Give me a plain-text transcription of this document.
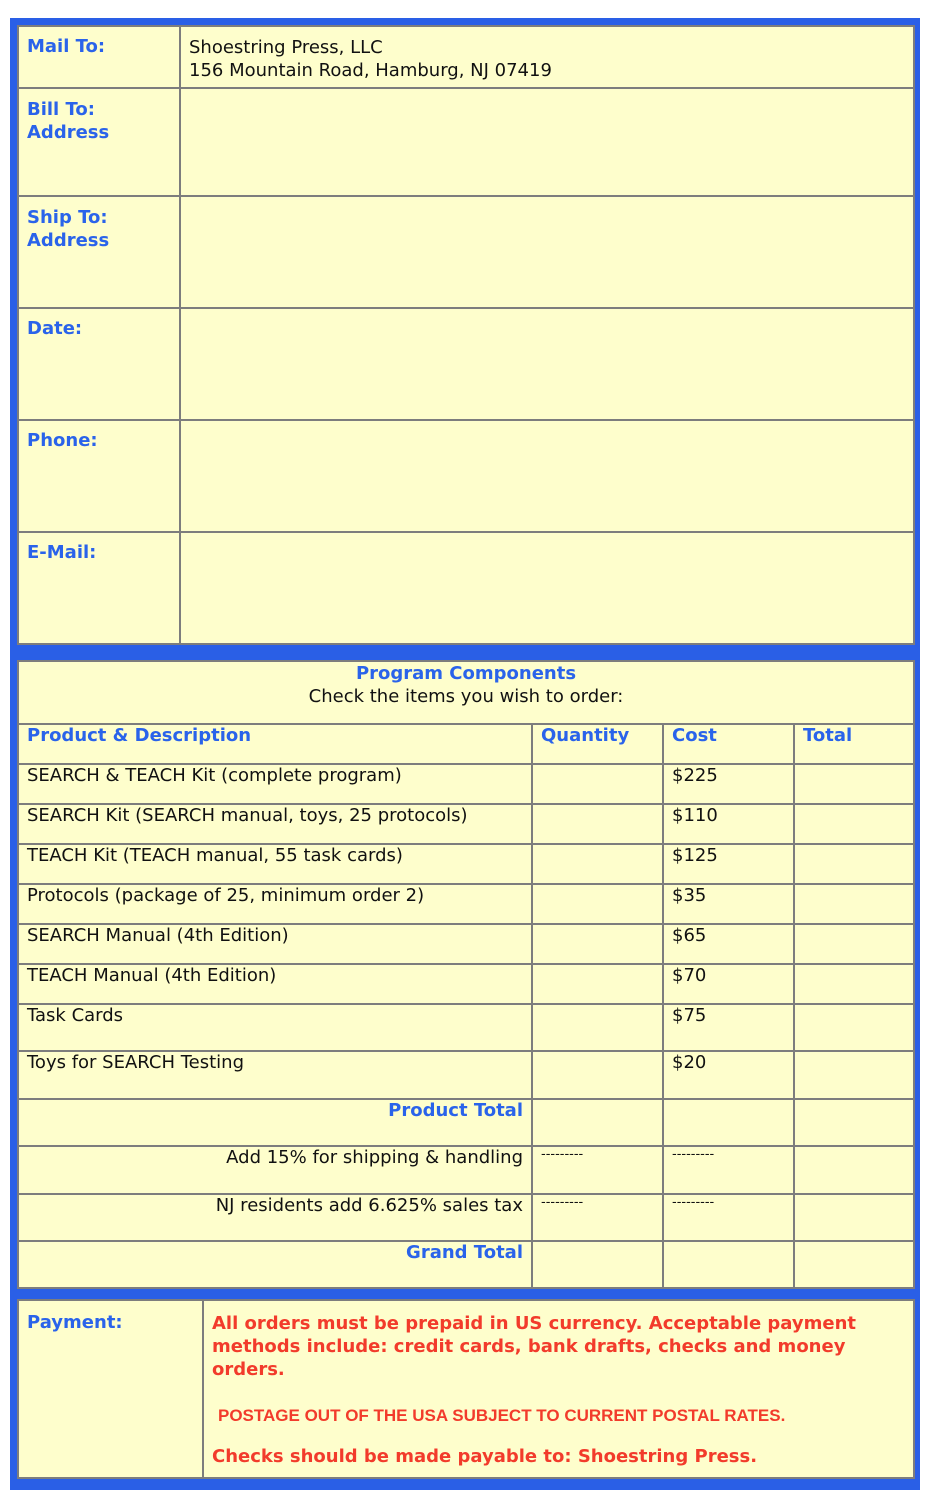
Mail To:	Shoestring Press, LLC
156 Mountain Road, Hamburg, NJ 07419

Bill To:
Address	

Ship To:
Address	

Date:	
Phone:	
E-Mail:	
Program Components
Check the items you wish to order:			

Product & Description	Quantity	Cost	Total
SEARCH & TEACH Kit (complete program)		$225	
SEARCH Kit (SEARCH manual, toys, 25 protocols)		$110	
TEACH Kit (TEACH manual, 55 task cards)		$125	
Protocols (package of 25, minimum order 2)		$35	
SEARCH Manual (4th Edition)		$65	
TEACH Manual (4th Edition)		$70	
Task Cards		$75	
Toys for SEARCH Testing		$20	
Product Total			
Add 15% for shipping & handling	---------	---------	
NJ residents add 6.625% sales tax	---------	---------	
Grand Total			
Payment:	All orders must be prepaid in US currency. Acceptable payment methods include: credit cards, bank drafts, checks and money orders.
POSTAGE OUT OF THE USA SUBJECT TO CURRENT POSTAL RATES.
Checks should be made payable to: Shoestring Press.
